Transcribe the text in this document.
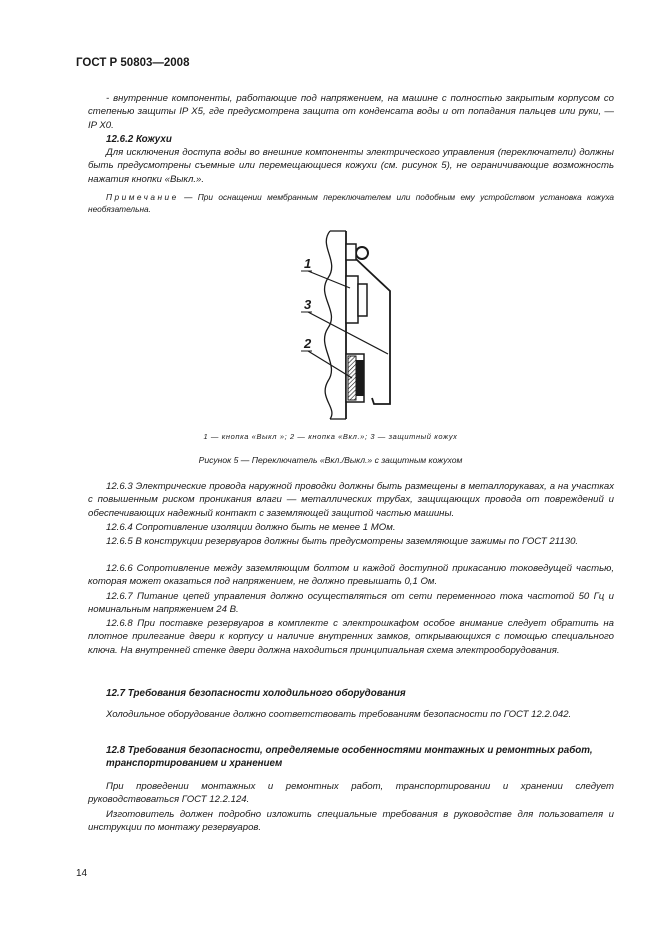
ГОСТ Р 50803—2008
- внутренние компоненты, работающие под напряжением, на машине с полностью закрытым корпусом со степенью защиты IP X5, где предусмотрена защита от конденсата воды и от попадания пальцев или руки, — IP X0.
12.6.2 Кожухи
Для исключения доступа воды во внешние компоненты электрического управления (переключатели) должны быть предусмотрены съемные или перемещающиеся кожухи (см. рисунок 5), не ограничивающие возможность нажатия кнопки «Выкл.».
Примечание — При оснащении мембранным переключателем или подобным ему устройством установка кожуха необязательна.
1
3
2
1 — кнопка «Выкл »; 2 — кнопка «Вкл.»; 3 — защитный кожух
Рисунок 5 — Переключатель «Вкл./Выкл.» с защитным кожухом
12.6.3 Электрические провода наружной проводки должны быть размещены в металлорукавах, а на участках с повышенным риском проникания влаги — металлических трубах, защищающих провода от повреждений и обеспечивающих надежный контакт с заземляющей защитой частью машины.
12.6.4 Сопротивление изоляции должно быть не менее 1 МОм.
12.6.5 В конструкции резервуаров должны быть предусмотрены заземляющие зажимы по ГОСТ 21130.
12.6.6 Сопротивление между заземляющим болтом и каждой доступной прикасанию токоведущей частью, которая может оказаться под напряжением, не должно превышать 0,1 Ом.
12.6.7 Питание цепей управления должно осуществляться от сети переменного тока частотой 50 Гц и номинальным напряжением 24 В.
12.6.8 При поставке резервуаров в комплекте с электрошкафом особое внимание следует обратить на плотное прилегание двери к корпусу и наличие внутренних замков, открывающихся с помощью специального ключа. На внутренней стенке двери должна находиться принципиальная схема электрооборудования.
12.7 Требования безопасности холодильного оборудования
Холодильное оборудование должно соответствовать требованиям безопасности по ГОСТ 12.2.042.
12.8 Требования безопасности, определяемые особенностями монтажных и ремонтных работ, транспортированием и хранением
При проведении монтажных и ремонтных работ, транспортировании и хранении следует руководствоваться ГОСТ 12.2.124.
Изготовитель должен подробно изложить специальные требования в руководстве для пользователя и инструкции по монтажу резервуаров.
14
